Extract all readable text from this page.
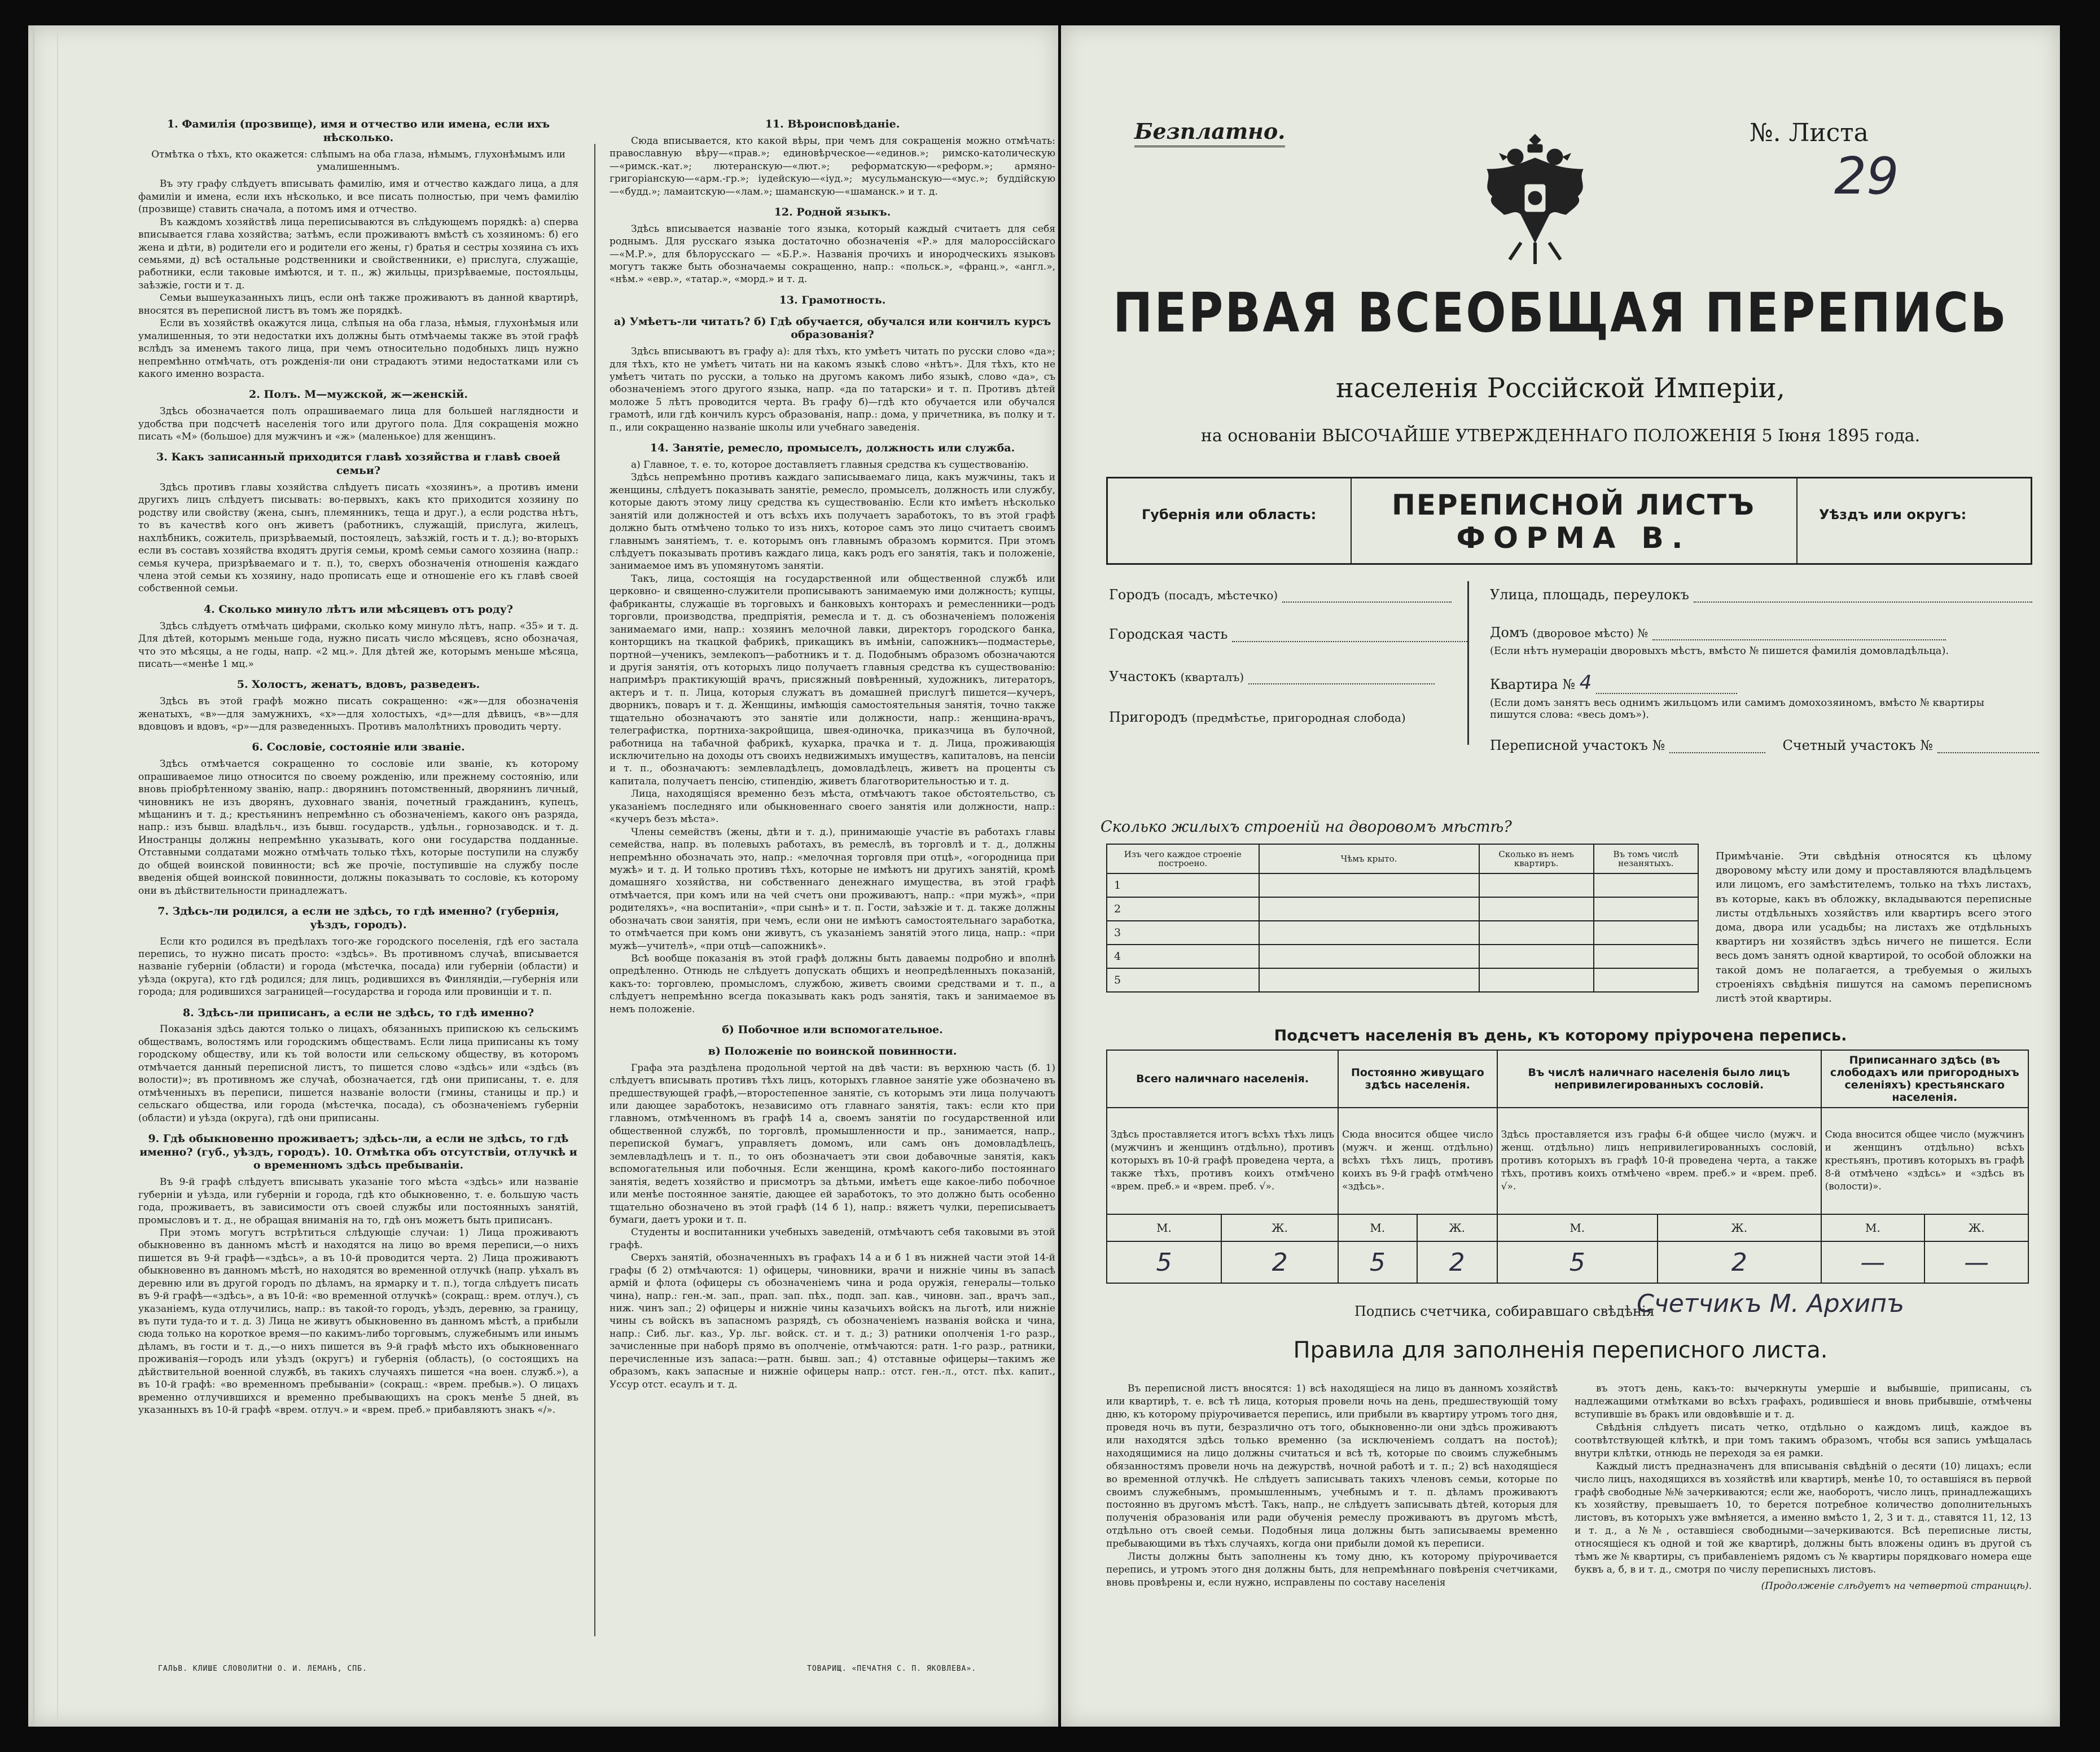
1. Фамилія (прозвище), имя и отчество или имена, если ихъ нѣсколько.
Отмѣтка о тѣхъ, кто окажется: слѣпымъ на оба глаза, нѣмымъ, глухонѣмымъ или умалишеннымъ.
Въ эту графу слѣдуетъ вписывать фамилію, имя и отчество каждаго лица, а для фамиліи и имена, если ихъ нѣсколько, и все писать полностью, при чемъ фамилію (прозвище) ставить сначала, а потомъ имя и отчество.
Въ каждомъ хозяйствѣ лица переписываются въ слѣдующемъ порядкѣ: а) сперва вписывается глава хозяйства; затѣмъ, если проживаютъ вмѣстѣ съ хозяиномъ: б) его жена и дѣти, в) родители его и родители его жены, г) братья и сестры хозяина съ ихъ семьями, д) всѣ остальные родственники и свойственники, е) прислуга, служащіе, работники, если таковые имѣются, и т. п., ж) жильцы, призрѣваемые, постояльцы, заѣзжіе, гости и т. д.
Семьи вышеуказанныхъ лицъ, если онѣ также проживаютъ въ данной квартирѣ, вносятся въ переписной листъ въ томъ же порядкѣ.
Если въ хозяйствѣ окажутся лица, слѣпыя на оба глаза, нѣмыя, глухонѣмыя или умалишенныя, то эти недостатки ихъ должны быть отмѣчаемы также въ этой графѣ вслѣдъ за именемъ такого лица, при чемъ относительно подобныхъ лицъ нужно непремѣнно отмѣчать, отъ рожденія-ли они страдаютъ этими недостатками или съ какого именно возраста.
2. Полъ. М—мужской, ж—женскій.
Здѣсь обозначается полъ опрашиваемаго лица для большей наглядности и удобства при подсчетѣ населенія того или другого пола. Для сокращенія можно писать «М» (большое) для мужчинъ и «ж» (маленькое) для женщинъ.
3. Какъ записанный приходится главѣ хозяйства и главѣ своей семьи?
Здѣсь противъ главы хозяйства слѣдуетъ писать «хозяинъ», а противъ имени другихъ лицъ слѣдуетъ писывать: во-первыхъ, какъ кто приходится хозяину по родству или свойству (жена, сынъ, племянникъ, теща и друг.), а если родства нѣтъ, то въ качествѣ кого онъ живетъ (работникъ, служащій, прислуга, жилецъ, нахлѣбникъ, сожитель, призрѣваемый, постоялецъ, заѣзжій, гость и т. д.); во-вторыхъ если въ составъ хозяйства входятъ другія семьи, кромѣ семьи самого хозяина (напр.: семья кучера, призрѣваемаго и т. п.), то, сверхъ обозначенія отношенія каждаго члена этой семьи къ хозяину, надо прописать еще и отношеніе его къ главѣ своей собственной семьи.
4. Сколько минуло лѣтъ или мѣсяцевъ отъ роду?
Здѣсь слѣдуетъ отмѣчать цифрами, сколько кому минуло лѣтъ, напр. «35» и т. д. Для дѣтей, которымъ меньше года, нужно писать число мѣсяцевъ, ясно обозначая, что это мѣсяцы, а не годы, напр. «2 мц.». Для дѣтей же, которымъ меньше мѣсяца, писать—«менѣе 1 мц.»
5. Холостъ, женатъ, вдовъ, разведенъ.
Здѣсь въ этой графѣ можно писать сокращенно: «ж»—для обозначенія женатыхъ, «в»—для замужнихъ, «х»—для холостыхъ, «д»—для дѣвицъ, «в»—для вдовцовъ и вдовъ, «р»—для разведенныхъ. Противъ малолѣтнихъ проводить черту.
6. Сословіе, состояніе или званіе.
Здѣсь отмѣчается сокращенно то сословіе или званіе, къ которому опрашиваемое лицо относится по своему рожденію, или прежнему состоянію, или вновь пріобрѣтенному званію, напр.: дворянинъ потомственный, дворянинъ личный, чиновникъ не изъ дворянъ, духовнаго званія, почетный гражданинъ, купецъ, мѣщанинъ и т. д.; крестьянинъ непремѣнно съ обозначеніемъ, какого онъ разряда, напр.: изъ бывш. владѣльч., изъ бывш. государств., удѣльн., горнозаводск. и т. д. Иностранцы должны непремѣнно указывать, кого они государства подданные. Отставными солдатами можно отмѣчать только тѣхъ, которые поступили на службу до общей воинской повинности; всѣ же прочіе, поступившіе на службу после введенія общей воинской повинности, должны показывать то сословіе, къ которому они въ дѣйствительности принадлежатъ.
7. Здѣсь-ли родился, а если не здѣсь, то гдѣ именно? (губернія, уѣздъ, городъ).
Если кто родился въ предѣлахъ того-же городского поселенія, гдѣ его застала перепись, то нужно писать просто: «здѣсь». Въ противномъ случаѣ, вписывается названіе губерніи (области) и города (мѣстечка, посада) или губерніи (области) и уѣзда (округа), кто гдѣ родился; для лицъ, родившихся въ Финляндіи,—губернія или города; для родившихся заграницей—государства и города или провинціи и т. п.
8. Здѣсь-ли приписанъ, а если не здѣсь, то гдѣ именно?
Показанія здѣсь даются только о лицахъ, обязанныхъ припискою къ сельскимъ обществамъ, волостямъ или городскимъ обществамъ. Если лица приписаны къ тому городскому обществу, или къ той волости или сельскому обществу, въ которомъ отмѣчается данный переписной листъ, то пишется слово «здѣсь» или «здѣсь (въ волости)»; въ противномъ же случаѣ, обозначается, гдѣ они приписаны, т. е. для отмѣченныхъ въ переписи, пишется названіе волости (гмины, станицы и пр.) и сельскаго общества, или города (мѣстечка, посада), съ обозначеніемъ губерніи (области) и уѣзда (округа), гдѣ они приписаны.
9. Гдѣ обыкновенно проживаетъ; здѣсь-ли, а если не здѣсь, то гдѣ именно? (губ., уѣздъ, городъ). 10. Отмѣтка объ отсутствіи, отлучкѣ и о временномъ здѣсь пребываніи.
Въ 9-й графѣ слѣдуетъ вписывать указаніе того мѣста «здѣсь» или названіе губерніи и уѣзда, или губерніи и города, гдѣ кто обыкновенно, т. е. большую часть года, проживаетъ, въ зависимости отъ своей службы или постоянныхъ занятій, промысловъ и т. д., не обращая вниманія на то, гдѣ онъ можетъ быть приписанъ.
При этомъ могутъ встрѣтиться слѣдующіе случаи: 1) Лица проживаютъ обыкновенно въ данномъ мѣстѣ и находятся на лицо во время переписи,—о нихъ пишется въ 9-й графѣ—«здѣсь», а въ 10-й проводится черта. 2) Лица проживаютъ обыкновенно въ данномъ мѣстѣ, но находятся во временной отлучкѣ (напр. уѣхалъ въ деревню или въ другой городъ по дѣламъ, на ярмарку и т. п.), тогда слѣдуетъ писать въ 9-й графѣ—«здѣсь», а въ 10-й: «во временной отлучкѣ» (сокращ.: врем. отлуч.), съ указаніемъ, куда отлучились, напр.: въ такой-то городъ, уѣздъ, деревню, за границу, въ пути туда-то и т. д. 3) Лица не живутъ обыкновенно въ данномъ мѣстѣ, а прибыли сюда только на короткое время—по какимъ-либо торговымъ, служебнымъ или инымъ дѣламъ, въ гости и т. д.,—о нихъ пишется въ 9-й графѣ мѣсто ихъ обыкновеннаго проживанія—городъ или уѣздъ (округъ) и губернія (область), (о состоящихъ на дѣйствительной военной службѣ, въ такихъ случаяхъ пишется «на воен. служб.»), а въ 10-й графѣ: «во временномъ пребываніи» (сокращ.: «врем. пребыв.»). О лицахъ временно отлучившихся и временно пребывающихъ на срокъ менѣе 5 дней, въ указанныхъ въ 10-й графѣ «врем. отлуч.» и «врем. преб.» прибавляютъ знакъ «/».
11. Вѣроисповѣданіе.
Сюда вписывается, кто какой вѣры, при чемъ для сокращенія можно отмѣчать: православную вѣру—«прав.»; единовѣрческое—«единов.»; римско-католическую—«римск.-кат.»; лютеранскую—«лют.»; реформатскую—«реформ.»; армяно-григоріанскую—«арм.-гр.»; іудейскую—«іуд.»; мусульманскую—«мус.»; буддійскую—«будд.»; ламаитскую—«лам.»; шаманскую—«шаманск.» и т. д.
12. Родной языкъ.
Здѣсь вписывается названіе того языка, который каждый считаетъ для себя роднымъ. Для русскаго языка достаточно обозначенія «Р.» для малороссійскаго—«М.Р.», для бѣлорусскаго — «Б.Р.». Названія прочихъ и инородческихъ языковъ могутъ также быть обозначаемы сокращенно, напр.: «польск.», «франц.», «англ.», «нѣм.» «евр.», «татар.», «морд.» и т. д.
13. Грамотность.
а) Умѣетъ-ли читать? б) Гдѣ обучается, обучался или кончилъ курсъ образованія?
Здѣсь вписываютъ въ графу а): для тѣхъ, кто умѣетъ читать по русски слово «да»; для тѣхъ, кто не умѣетъ читать ни на какомъ языкѣ слово «нѣтъ». Для тѣхъ, кто не умѣетъ читать по русски, а только на другомъ какомъ либо языкѣ, слово «да», съ обозначеніемъ этого другого языка, напр. «да по татарски» и т. п. Противъ дѣтей моложе 5 лѣтъ проводится черта. Въ графу б)—гдѣ кто обучается или обучался грамотѣ, или гдѣ кончилъ курсъ образованія, напр.: дома, у причетника, въ полку и т. п., или сокращенно названіе школы или учебнаго заведенія.
14. Занятіе, ремесло, промыселъ, должность или служба.
а) Главное, т. е. то, которое доставляетъ главныя средства къ существованію.
Здѣсь непремѣнно противъ каждаго записываемаго лица, какъ мужчины, такъ и женщины, слѣдуетъ показывать занятіе, ремесло, промыселъ, должность или службу, которые даютъ этому лицу средства къ существованію. Если кто имѣетъ нѣсколько занятій или должностей и отъ всѣхъ ихъ получаетъ заработокъ, то въ этой графѣ должно быть отмѣчено только то изъ нихъ, которое самъ это лицо считаетъ своимъ главнымъ занятіемъ, т. е. которымъ онъ главнымъ образомъ кормится. При этомъ слѣдуетъ показывать противъ каждаго лица, какъ родъ его занятія, такъ и положеніе, занимаемое имъ въ упомянутомъ занятіи.
Такъ, лица, состоящія на государственной или общественной службѣ или церковно- и священно-служители прописываютъ занимаемую ими должность; купцы, фабриканты, служащіе въ торговыхъ и банковыхъ конторахъ и ремесленники—родъ торговли, производства, предпріятія, ремесла и т. д. съ обозначеніемъ положенія занимаемаго ими, напр.: хозяинъ мелочной лавки, директоръ городского банка, конторщикъ на ткацкой фабрикѣ, прикащикъ въ имѣніи, сапожникъ—подмастерье, портной—ученикъ, землекопъ—работникъ и т. д. Подобнымъ образомъ обозначаются и другія занятія, отъ которыхъ лицо получаетъ главныя средства къ существованію: напримѣръ практикующій врачъ, присяжный повѣренный, художникъ, литераторъ, актеръ и т. п. Лица, которыя служатъ въ домашней прислугѣ пишется—кучеръ, дворникъ, поваръ и т. д. Женщины, имѣющія самостоятельныя занятія, точно также тщательно обозначаютъ это занятіе или должности, напр.: женщина-врачъ, телеграфистка, портниха-закройщица, швея-одиночка, приказчица въ булочной, работница на табачной фабрикѣ, кухарка, прачка и т. д. Лица, проживающія исключительно на доходы отъ своихъ недвижимыхъ имуществъ, капиталовъ, на пенсіи и т. п., обозначаютъ: землевладѣлецъ, домовладѣлецъ, живетъ на проценты съ капитала, получаетъ пенсію, стипендію, живетъ благотворительностью и т. д.
Лица, находящіяся временно безъ мѣста, отмѣчаютъ такое обстоятельство, съ указаніемъ последняго или обыкновеннаго своего занятія или должности, напр.: «кучеръ безъ мѣста».
Члены семействъ (жены, дѣти и т. д.), принимающіе участіе въ работахъ главы семейства, напр. въ полевыхъ работахъ, въ ремеслѣ, въ торговлѣ и т. д., должны непремѣнно обозначать это, напр.: «мелочная торговля при отцѣ», «огородница при мужѣ» и т. д. И только противъ тѣхъ, которые не имѣютъ ни другихъ занятій, кромѣ домашняго хозяйства, ни собственнаго денежнаго имущества, въ этой графѣ отмѣчается, при комъ или на чей счетъ они проживаютъ, напр.: «при мужѣ», «при родителяхъ», «на воспитаніи», «при сынѣ» и т. п. Гости, заѣзжіе и т. д. также должны обозначать свои занятія, при чемъ, если они не имѣютъ самостоятельнаго заработка, то отмѣчается при комъ они живутъ, съ указаніемъ занятій этого лица, напр.: «при мужѣ—учителѣ», «при отцѣ—сапожникѣ».
Всѣ вообще показанія въ этой графѣ должны быть даваемы подробно и вполнѣ опредѣленно. Отнюдь не слѣдуетъ допускать общихъ и неопредѣленныхъ показаній, какъ-то: торговлею, промысломъ, службою, живетъ своими средствами и т. п., а слѣдуетъ непремѣнно всегда показывать какъ родъ занятія, такъ и занимаемое въ немъ положеніе.
б) Побочное или вспомогательное.
в) Положеніе по воинской повинности.
Графа эта раздѣлена продольной чертой на двѣ части: въ верхнюю часть (б. 1) слѣдуетъ вписывать противъ тѣхъ лицъ, которыхъ главное занятіе уже обозначено въ предшествующей графѣ,—второстепенное занятіе, съ которымъ эти лица получаютъ или дающее заработокъ, независимо отъ главнаго занятія, такъ: если кто при главномъ, отмѣченномъ въ графѣ 14 а, своемъ занятіи по государственной или общественной службѣ, по торговлѣ, промышленности и пр., занимается, напр., перепиской бумагъ, управляетъ домомъ, или самъ онъ домовладѣлецъ, землевладѣлецъ и т. п., то онъ обозначаетъ эти свои добавочные занятія, какъ вспомогательныя или побочныя. Если женщина, кромѣ какого-либо постояннаго занятія, ведетъ хозяйство и присмотръ за дѣтьми, имѣетъ еще какое-либо побочное или менѣе постоянное занятіе, дающее ей заработокъ, то это должно быть особенно тщательно обозначено въ этой графѣ (14 б 1), напр.: вяжетъ чулки, переписываетъ бумаги, даетъ уроки и т. п.
Студенты и воспитанники учебныхъ заведеній, отмѣчаютъ себя таковыми въ этой графѣ.
Сверхъ занятій, обозначенныхъ въ графахъ 14 а и б 1 въ нижней части этой 14-й графы (б 2) отмѣчаются: 1) офицеры, чиновники, врачи и нижніе чины въ запасѣ армій и флота (офицеры съ обозначеніемъ чина и рода оружія, генералы—только чина), напр.: ген.-м. зап., прап. зап. пѣх., подп. зап. кав., чиновн. зап., врачъ зап., ниж. чинъ зап.; 2) офицеры и нижніе чины казачьихъ войскъ на льготѣ, или нижніе чины съ войскъ въ запасномъ разрядѣ, съ обозначеніемъ названія войска и чина, напр.: Сиб. льг. каз., Ур. льг. войск. ст. и т. д.; 3) ратники ополченія 1-го разр., зачисленные при наборѣ прямо въ ополченіе, отмѣчаются: ратн. 1-го разр., ратники, перечисленные изъ запаса:—ратн. бывш. зап.; 4) отставные офицеры—такимъ же образомъ, какъ запасные и нижніе офицеры напр.: отст. ген.-л., отст. пѣх. капит., Уссур отст. есаулъ и т. д.
ГАЛЬВ. КЛИШЕ СЛОВОЛИТНИ О. И. ЛЕМАНЪ, СПБ.	ТОВАРИЩ. «ПЕЧАТНЯ С. П. ЯКОВЛЕВА».
Безплатно.	№. Листа
29
ПЕРВАЯ ВСЕОБЩАЯ ПЕРЕПИСЬ
населенія Россійской Имперіи,
на основаніи ВЫСОЧАЙШЕ УТВЕРЖДЕННАГО ПОЛОЖЕНІЯ 5 Іюня 1895 года.
Губернія или область:	ПЕРЕПИСНОЙ ЛИСТЪ
ФОРМА В.
Уѣздъ или округъ:
Городъ (посадъ, мѣстечко)
Городская часть
Участокъ (кварталъ)
Пригородъ (предмѣстье, пригородная слобода)
Улица, площадь, переулокъ
Домъ (дворовое мѣсто) №
(Если нѣтъ нумераціи дворовыхъ мѣстъ, вмѣсто № пишется фамилія домовладѣльца).
Квартира № 4
(Если домъ занятъ весь однимъ жильцомъ или самимъ домохозяиномъ, вмѣсто № квартиры пишутся слова: «весь домъ»).
Переписной участокъ №	Счетный участокъ №
Сколько жилыхъ строеній на дворовомъ мѣстѣ?
Изъ чего каждое строеніе построено.	Чѣмъ крыто.	Сколько въ немъ квартиръ.	Въ томъ числѣ незанятыхъ.
1			
2			
3			
4			
5			
Примѣчаніе. Эти свѣдѣнія относятся къ цѣлому дворовому мѣсту или дому и проставляются владѣльцемъ или лицомъ, его замѣстителемъ, только на тѣхъ листахъ, въ которые, какъ въ обложку, вкладываются переписные листы отдѣльныхъ хозяйствъ или квартиръ всего этого дома, двора или усадьбы; на листахъ же отдѣльныхъ квартиръ ни хозяйствъ здѣсь ничего не пишется. Если весь домъ занятъ одной квартирой, то особой обложки на такой домъ не полагается, а требуемыя о жилыхъ строеніяхъ свѣдѣнія пишутся на самомъ переписномъ листѣ этой квартиры.
Подсчетъ населенія въ день, къ которому пріурочена перепись.
Всего наличнаго населенія.		Постоянно живущаго здѣсь населенія.		Въ числѣ наличнаго населенія было лицъ непривилегированныхъ сословій.		Приписаннаго здѣсь (въ слободахъ или пригородныхъ селеніяхъ) крестьянскаго населенія.	
Здѣсь проставляется итогъ всѣхъ тѣхъ лицъ (мужчинъ и женщинъ отдѣльно), противъ которыхъ въ 10-й графѣ проведена черта, а также тѣхъ, противъ коихъ отмѣчено «врем. преб.» и «врем. преб. √».		Сюда вносится общее число (мужч. и женщ. отдѣльно) всѣхъ тѣхъ лицъ, противъ коихъ въ 9-й графѣ отмѣчено «здѣсь».		Здѣсь проставляется изъ графы 6-й общее число (мужч. и женщ. отдѣльно) лицъ непривилегированныхъ сословій, противъ которыхъ въ графѣ 10-й проведена черта, а также тѣхъ, противъ коихъ отмѣчено «врем. преб.» и «врем. преб. √».		Сюда вносится общее число (мужчинъ и женщинъ отдѣльно) всѣхъ крестьянъ, противъ которыхъ въ графѣ 8-й отмѣчено «здѣсь» и «здѣсь въ (волости)».	
М.	Ж.	М.	Ж.	М.	Ж.	М.	Ж.
5	2	5	2	5	2	—	—
Подпись счетчика, собиравшаго свѣдѣнія
Счетчикъ М. Архипъ
Правила для заполненія переписного листа.
Въ переписной листъ вносятся: 1) всѣ находящіеся на лицо въ данномъ хозяйствѣ или квартирѣ, т. е. всѣ тѣ лица, которыя провели ночь на день, предшествующій тому дню, къ которому пріурочивается перепись, или прибыли въ квартиру утромъ того дня, проведя ночь въ пути, безразлично отъ того, обыкновенно-ли они здѣсь проживаютъ или находятся здѣсь только временно (за исключеніемъ солдатъ на постоѣ); находящимися на лицо должны считаться и всѣ тѣ, которые по своимъ служебнымъ обязанностямъ провели ночь на дежурствѣ, ночной работѣ и т. п.; 2) всѣ находящіеся во временной отлучкѣ. Не слѣдуетъ записывать такихъ членовъ семьи, которые по своимъ служебнымъ, промышленнымъ, учебнымъ и т. п. дѣламъ проживаютъ постоянно въ другомъ мѣстѣ. Такъ, напр., не слѣдуетъ записывать дѣтей, которыя для полученія образованія или ради обученія ремеслу проживаютъ въ другомъ мѣстѣ, отдѣльно отъ своей семьи. Подобныя лица должны быть записываемы временно пребывающими въ тѣхъ случаяхъ, когда они прибыли домой къ переписи.
Листы должны быть заполнены къ тому дню, къ которому пріурочивается перепись, и утромъ этого дня должны быть, для непремѣннаго повѣренія счетчиками, вновь провѣрены и, если нужно, исправлены по составу населенія
въ этотъ день, какъ-то: вычеркнуты умершіе и выбывшіе, приписаны, съ надлежащими отмѣтками во всѣхъ графахъ, родившіеся и вновь прибывшіе, отмѣчены вступившіе въ бракъ или овдовѣвшіе и т. д.
Свѣдѣнія слѣдуетъ писать четко, отдѣльно о каждомъ лицѣ, каждое въ соотвѣтствующей клѣткѣ, и при томъ такимъ образомъ, чтобы вся запись умѣщалась внутри клѣтки, отнюдь не переходя за ея рамки.
Каждый листъ предназначенъ для вписыванія свѣдѣній о десяти (10) лицахъ; если число лицъ, находящихся въ хозяйствѣ или квартирѣ, менѣе 10, то оставшіяся въ первой графѣ свободные №№ зачеркиваются; если же, наоборотъ, число лицъ, принадлежащихъ къ хозяйству, превышаетъ 10, то берется потребное количество дополнительныхъ листовъ, въ которыхъ уже вмѣняется, а именно вмѣсто 1, 2, 3 и т. д., ставятся 11, 12, 13 и т. д., а №№, оставшіеся свободными—зачеркиваются. Всѣ переписные листы, относящіеся къ одной и той же квартирѣ, должны быть вложены одинъ въ другой съ тѣмъ же № квартиры, съ прибавленіемъ рядомъ съ № квартиры порядковаго номера еще буквъ а, б, в и т. д., смотря по числу переписныхъ листовъ.
(Продолженіе слѣдуетъ на четвертой страницѣ).
